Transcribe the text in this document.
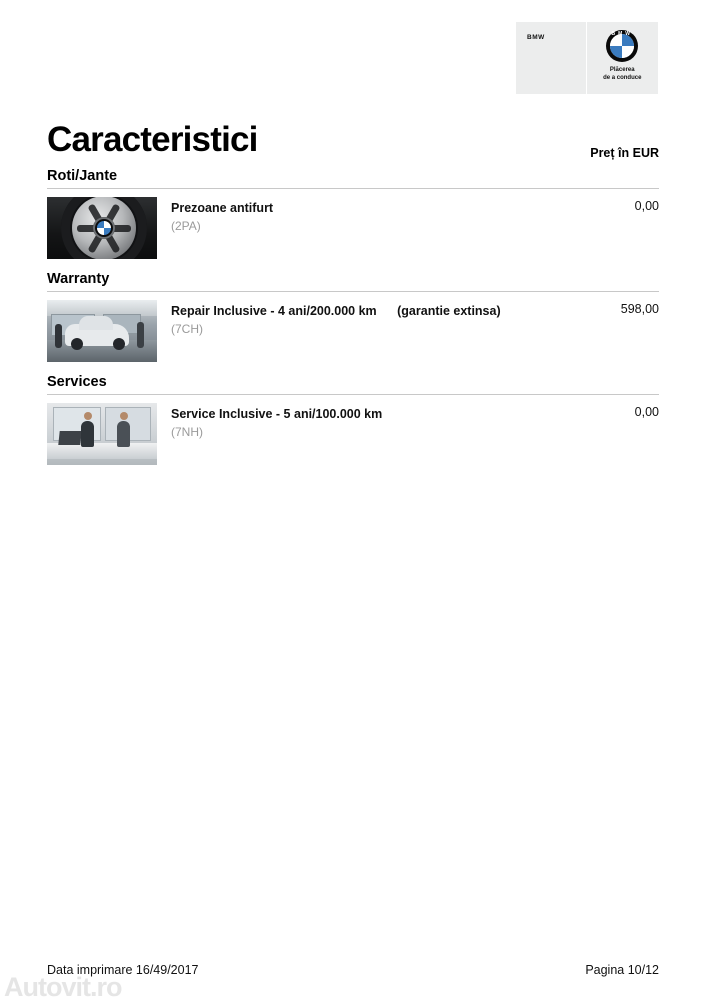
BMW	BMW
Plăcerea
de a conduce
Caracteristici	Preț în EUR
Roti/Jante
Prezoane antifurt
(2PA)
0,00
Warranty
Repair Inclusive - 4 ani/200.000 km (garantie extinsa)
(7CH)
598,00
Services
Service Inclusive - 5 ani/100.000 km
(7NH)
0,00
Data imprimare 16/49/2017	Pagina 10/12
Autovit.ro
